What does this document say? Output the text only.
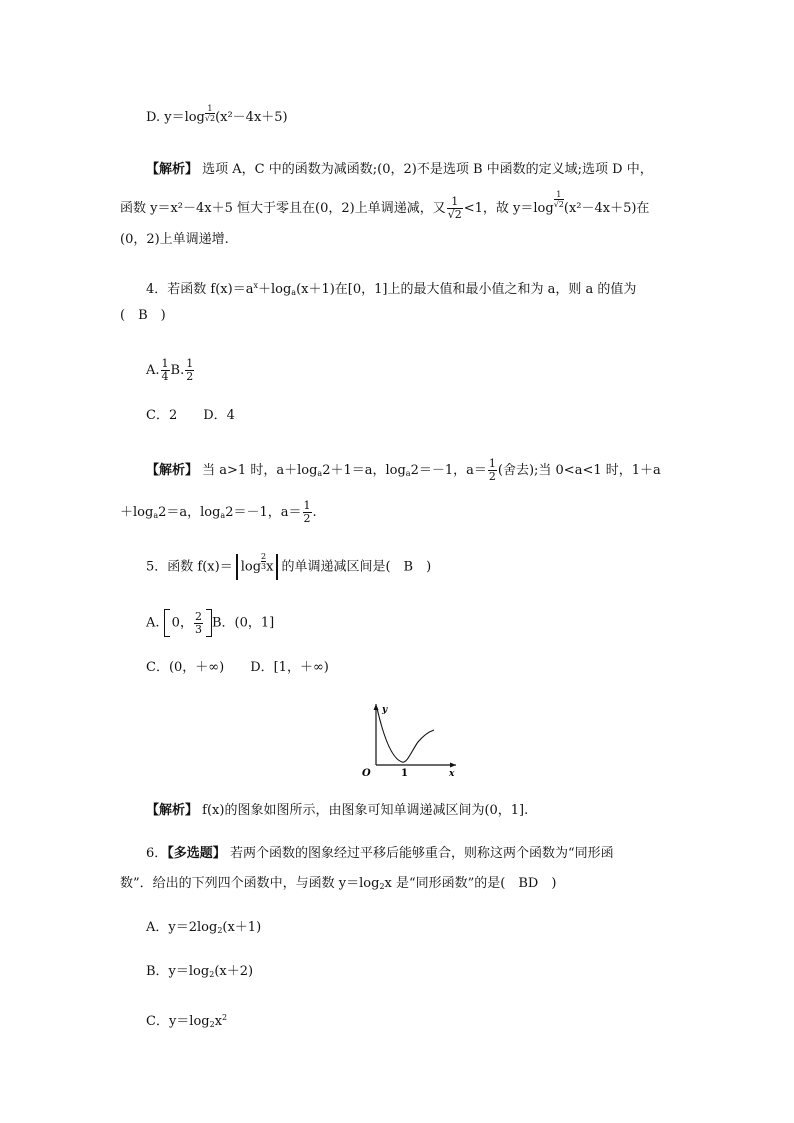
D. $y=\log \frac{1}{√2} (x^2-4x+5)$
【解析】 选项 A，C 中的函数为减函数;(0，2)不是选项 B 中函数的定义域;选项 D 中，
函数 y＝x²－4x＋5 恒大于零且在(0，2)上单调递减，又 $\frac{1}{√2} <1$，故 $y=\log \frac{1}{√2} (x^2-4x+5)$在
(0，2)上单调递增.
4．若函数 $f(x)=a^x+\log_a(x+1)$在[0，1]上的最大值和最小值之和为 a，则 a 的值为
(　B　)
A. $\frac{1}{4} B$. $\frac{1}{2}$
C．2　　D．4
【解析】 当 a>1 时，$a+\log_a2+1=a$，$\log_a2=-1$，$a= \frac{1}{2}$ (舍去);当 0<a<1 时，1＋a
$+\log_a2=a$，$\log_a2=-1$，$a= \frac{1}{2}$ .
5．函数 $f(x)= \log \frac{2}{3}$ x 的单调递减区间是(　B　)
A. 0， $\frac{2}{3}$ B．(0，1]
C．(0，＋∞)　　D．[1，＋∞)
y
x
O	1
【解析】 f(x)的图象如图所示，由图象可知单调递减区间为(0，1].
6．【多选题】 若两个函数的图象经过平移后能够重合，则称这两个函数为“同形函
数”．给出的下列四个函数中，与函数 $y=\log_2x$ 是“同形函数”的是(　BD　)
A．$y=2\log_2(x+1)$
B．$y=\log_2(x+2)$
C．$y=\log_2x^2$
